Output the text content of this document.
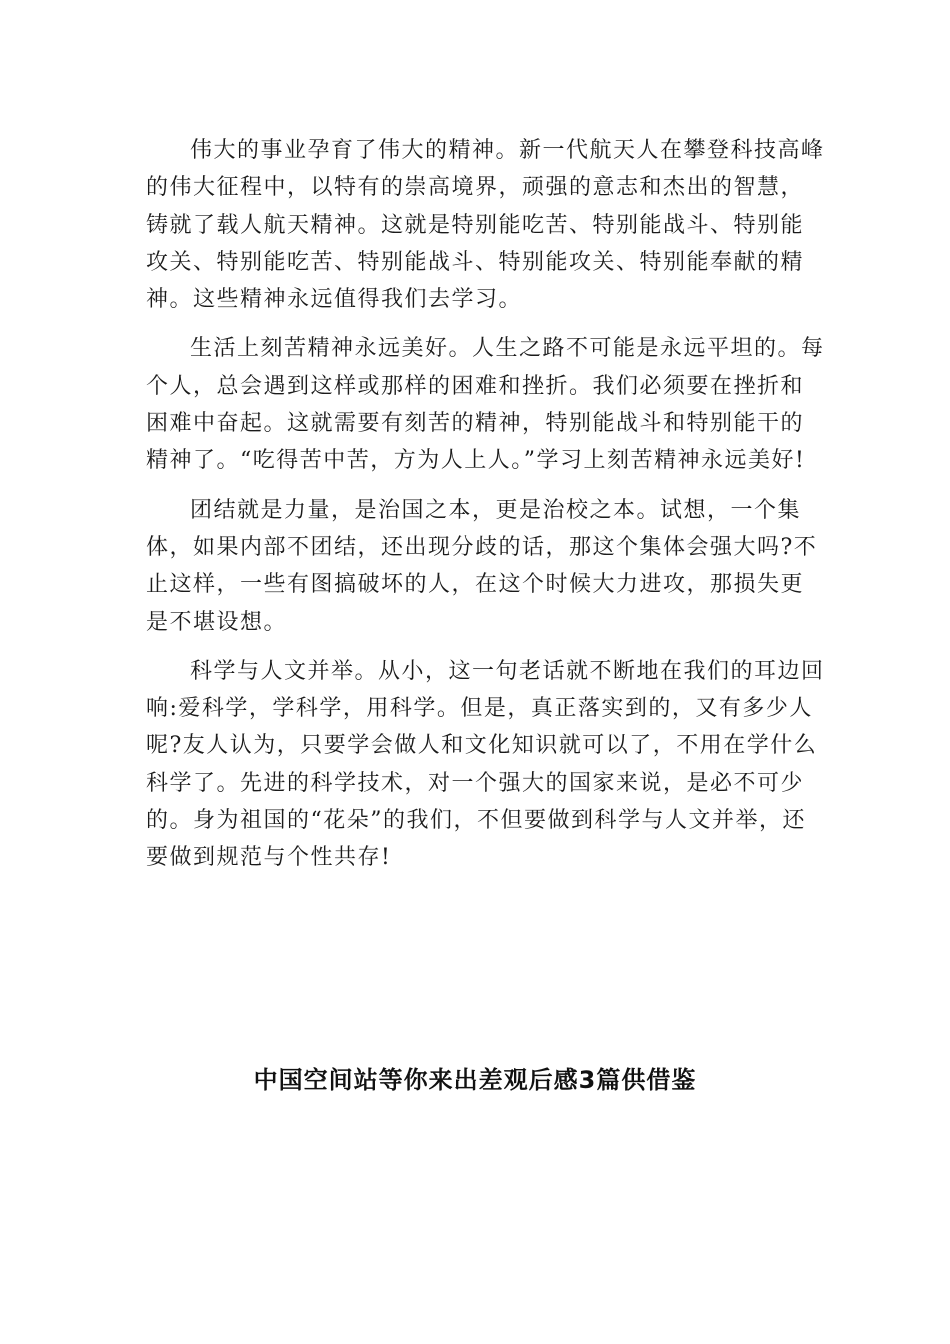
伟大的事业孕育了伟大的精神。新一代航天人在攀登科技高峰的伟大征程中，以特有的崇高境界，顽强的意志和杰出的智慧，铸就了载人航天精神。这就是特别能吃苦、特别能战斗、特别能攻关、特别能吃苦、特别能战斗、特别能攻关、特别能奉献的精神。这些精神永远值得我们去学习。

生活上刻苦精神永远美好。人生之路不可能是永远平坦的。每个人，总会遇到这样或那样的困难和挫折。我们必须要在挫折和困难中奋起。这就需要有刻苦的精神，特别能战斗和特别能干的精神了。“吃得苦中苦，方为人上人。”学习上刻苦精神永远美好!

团结就是力量，是治国之本，更是治校之本。试想，一个集体，如果内部不团结，还出现分歧的话，那这个集体会强大吗?不止这样，一些有图搞破坏的人，在这个时候大力进攻，那损失更是不堪设想。

科学与人文并举。从小，这一句老话就不断地在我们的耳边回响:爱科学，学科学，用科学。但是，真正落实到的，又有多少人呢?友人认为，只要学会做人和文化知识就可以了，不用在学什么科学了。先进的科学技术，对一个强大的国家来说，是必不可少的。身为祖国的“花朵”的我们，不但要做到科学与人文并举，还要做到规范与个性共存!

中国空间站等你来出差观后感3篇供借鉴
